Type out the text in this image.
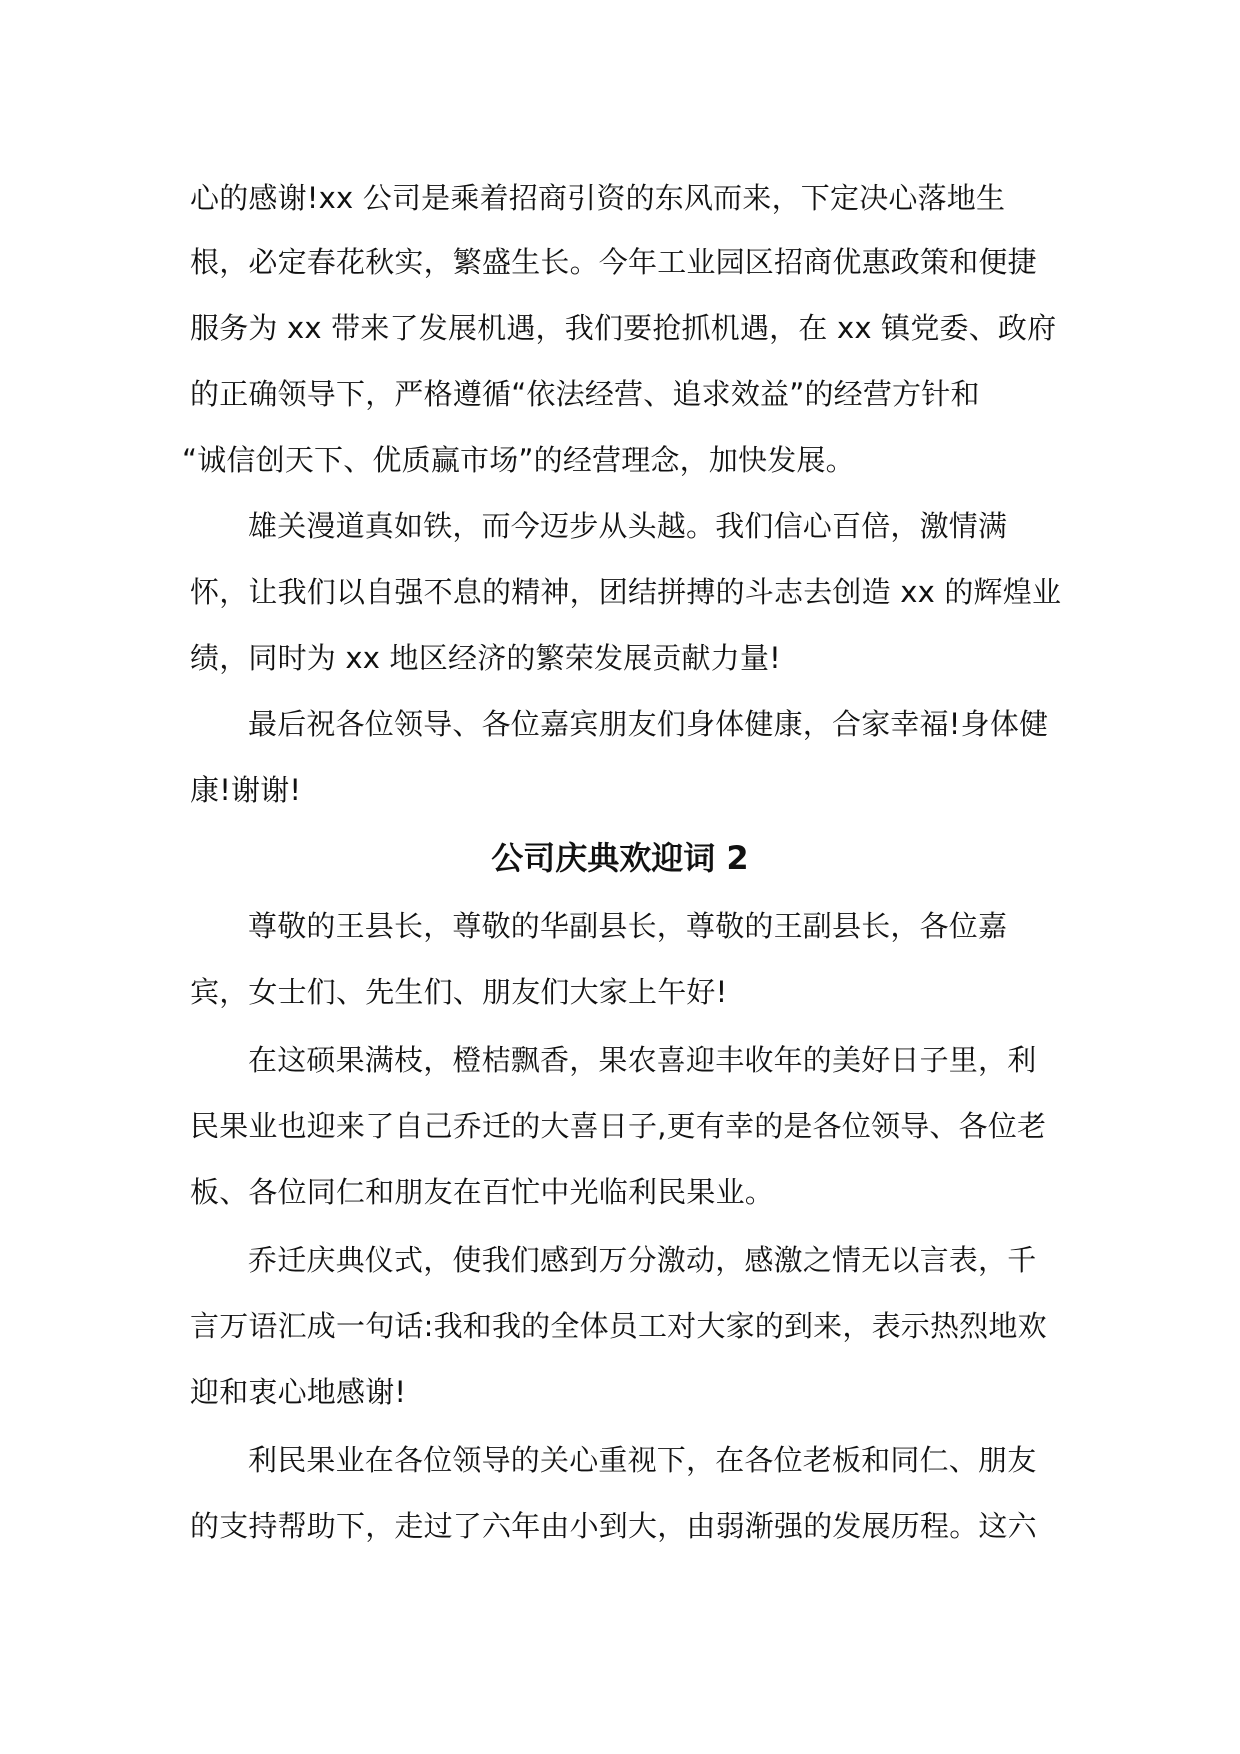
心的感谢!xx 公司是乘着招商引资的东风而来，下定决心落地生

根，必定春花秋实，繁盛生长。今年工业园区招商优惠政策和便捷

服务为 xx 带来了发展机遇，我们要抢抓机遇，在 xx 镇党委、政府

的正确领导下，严格遵循“依法经营、追求效益”的经营方针和

“诚信创天下、优质赢市场”的经营理念，加快发展。

雄关漫道真如铁，而今迈步从头越。我们信心百倍，激情满

怀，让我们以自强不息的精神，团结拼搏的斗志去创造 xx 的辉煌业

绩，同时为 xx 地区经济的繁荣发展贡献力量!

最后祝各位领导、各位嘉宾朋友们身体健康，合家幸福!身体健

康!谢谢!

公司庆典欢迎词 2

尊敬的王县长，尊敬的华副县长，尊敬的王副县长，各位嘉

宾，女士们、先生们、朋友们大家上午好!

在这硕果满枝，橙桔飘香，果农喜迎丰收年的美好日子里，利

民果业也迎来了自己乔迁的大喜日子,更有幸的是各位领导、各位老

板、各位同仁和朋友在百忙中光临利民果业。

乔迁庆典仪式，使我们感到万分激动，感激之情无以言表，千

言万语汇成一句话:我和我的全体员工对大家的到来，表示热烈地欢

迎和衷心地感谢!

利民果业在各位领导的关心重视下，在各位老板和同仁、朋友

的支持帮助下，走过了六年由小到大，由弱渐强的发展历程。这六
